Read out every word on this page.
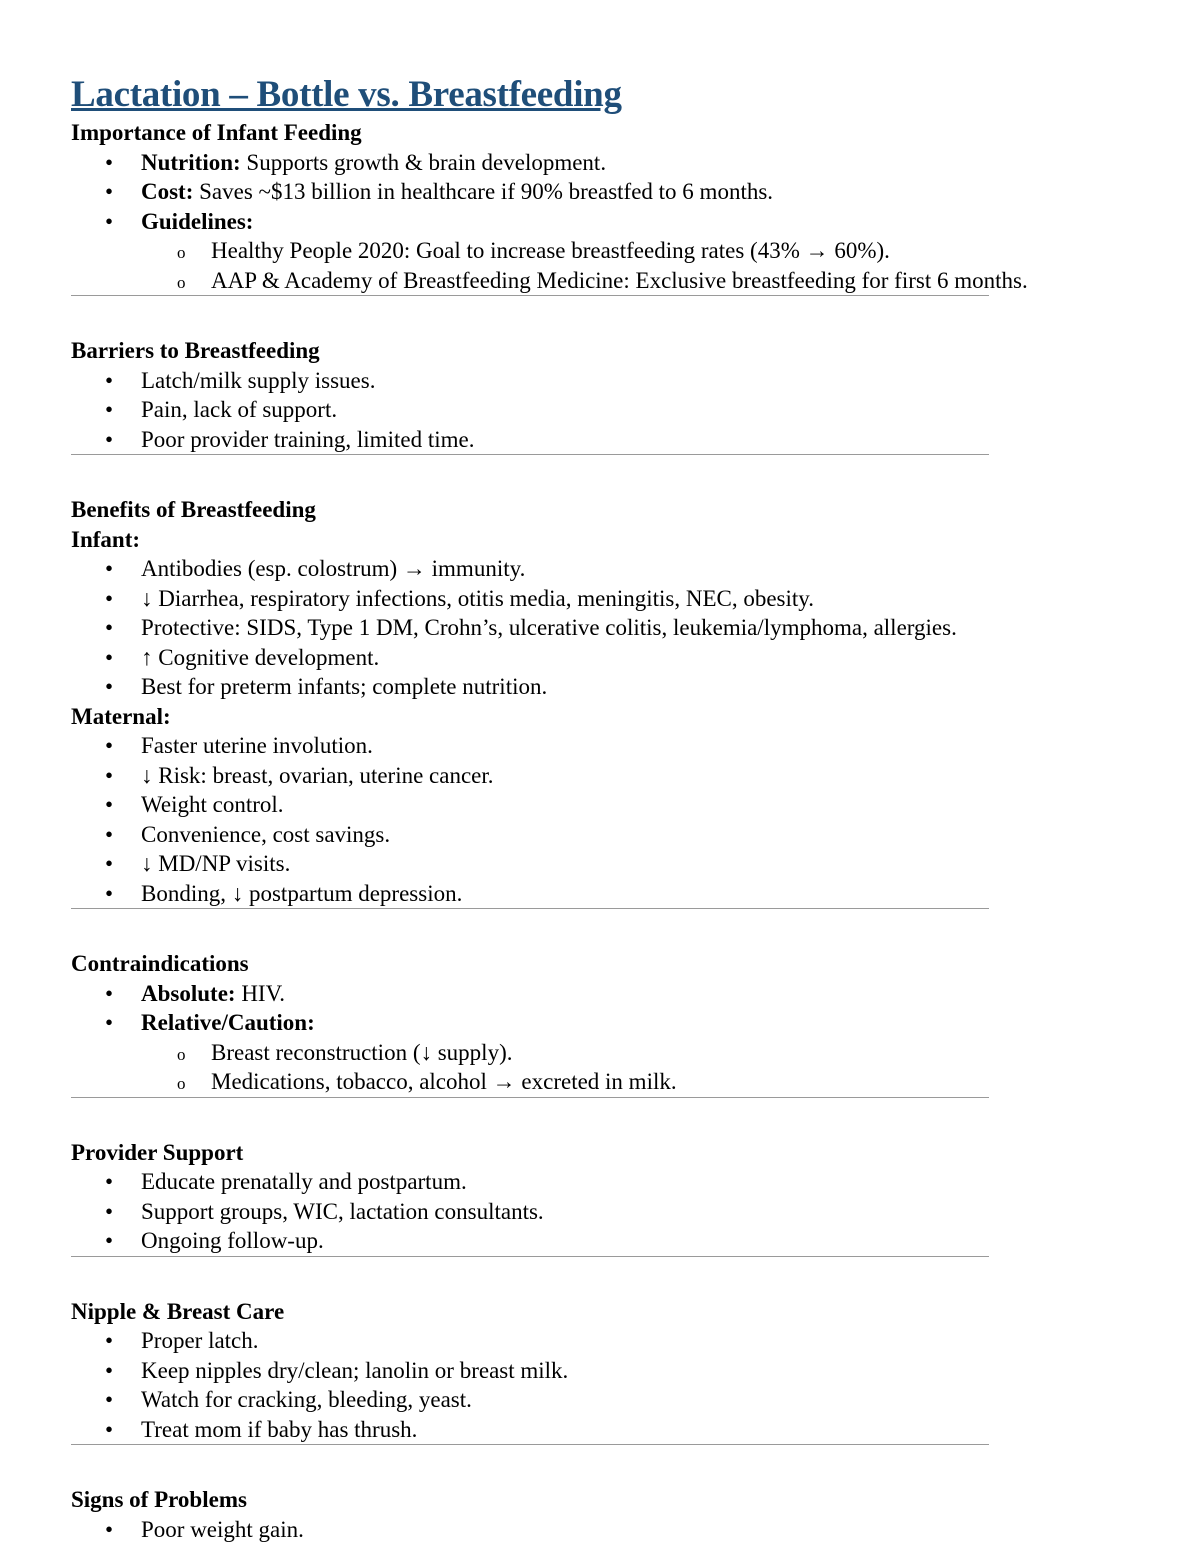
Lactation – Bottle vs. Breastfeeding
Importance of Infant Feeding
• Nutrition: Supports growth & brain development.
• Cost: Saves ~$13 billion in healthcare if 90% breastfed to 6 months.
• Guidelines:
o Healthy People 2020: Goal to increase breastfeeding rates (43% → 60%).
o AAP & Academy of Breastfeeding Medicine: Exclusive breastfeeding for first 6 months.
Barriers to Breastfeeding
• Latch/milk supply issues.
• Pain, lack of support.
• Poor provider training, limited time.
Benefits of Breastfeeding
Infant:
• Antibodies (esp. colostrum) → immunity.
• ↓ Diarrhea, respiratory infections, otitis media, meningitis, NEC, obesity.
• Protective: SIDS, Type 1 DM, Crohn’s, ulcerative colitis, leukemia/lymphoma, allergies.
• ↑ Cognitive development.
• Best for preterm infants; complete nutrition.
Maternal:
• Faster uterine involution.
• ↓ Risk: breast, ovarian, uterine cancer.
• Weight control.
• Convenience, cost savings.
• ↓ MD/NP visits.
• Bonding, ↓ postpartum depression.
Contraindications
• Absolute: HIV.
• Relative/Caution:
o Breast reconstruction (↓ supply).
o Medications, tobacco, alcohol → excreted in milk.
Provider Support
• Educate prenatally and postpartum.
• Support groups, WIC, lactation consultants.
• Ongoing follow-up.
Nipple & Breast Care
• Proper latch.
• Keep nipples dry/clean; lanolin or breast milk.
• Watch for cracking, bleeding, yeast.
• Treat mom if baby has thrush.
Signs of Problems
• Poor weight gain.
